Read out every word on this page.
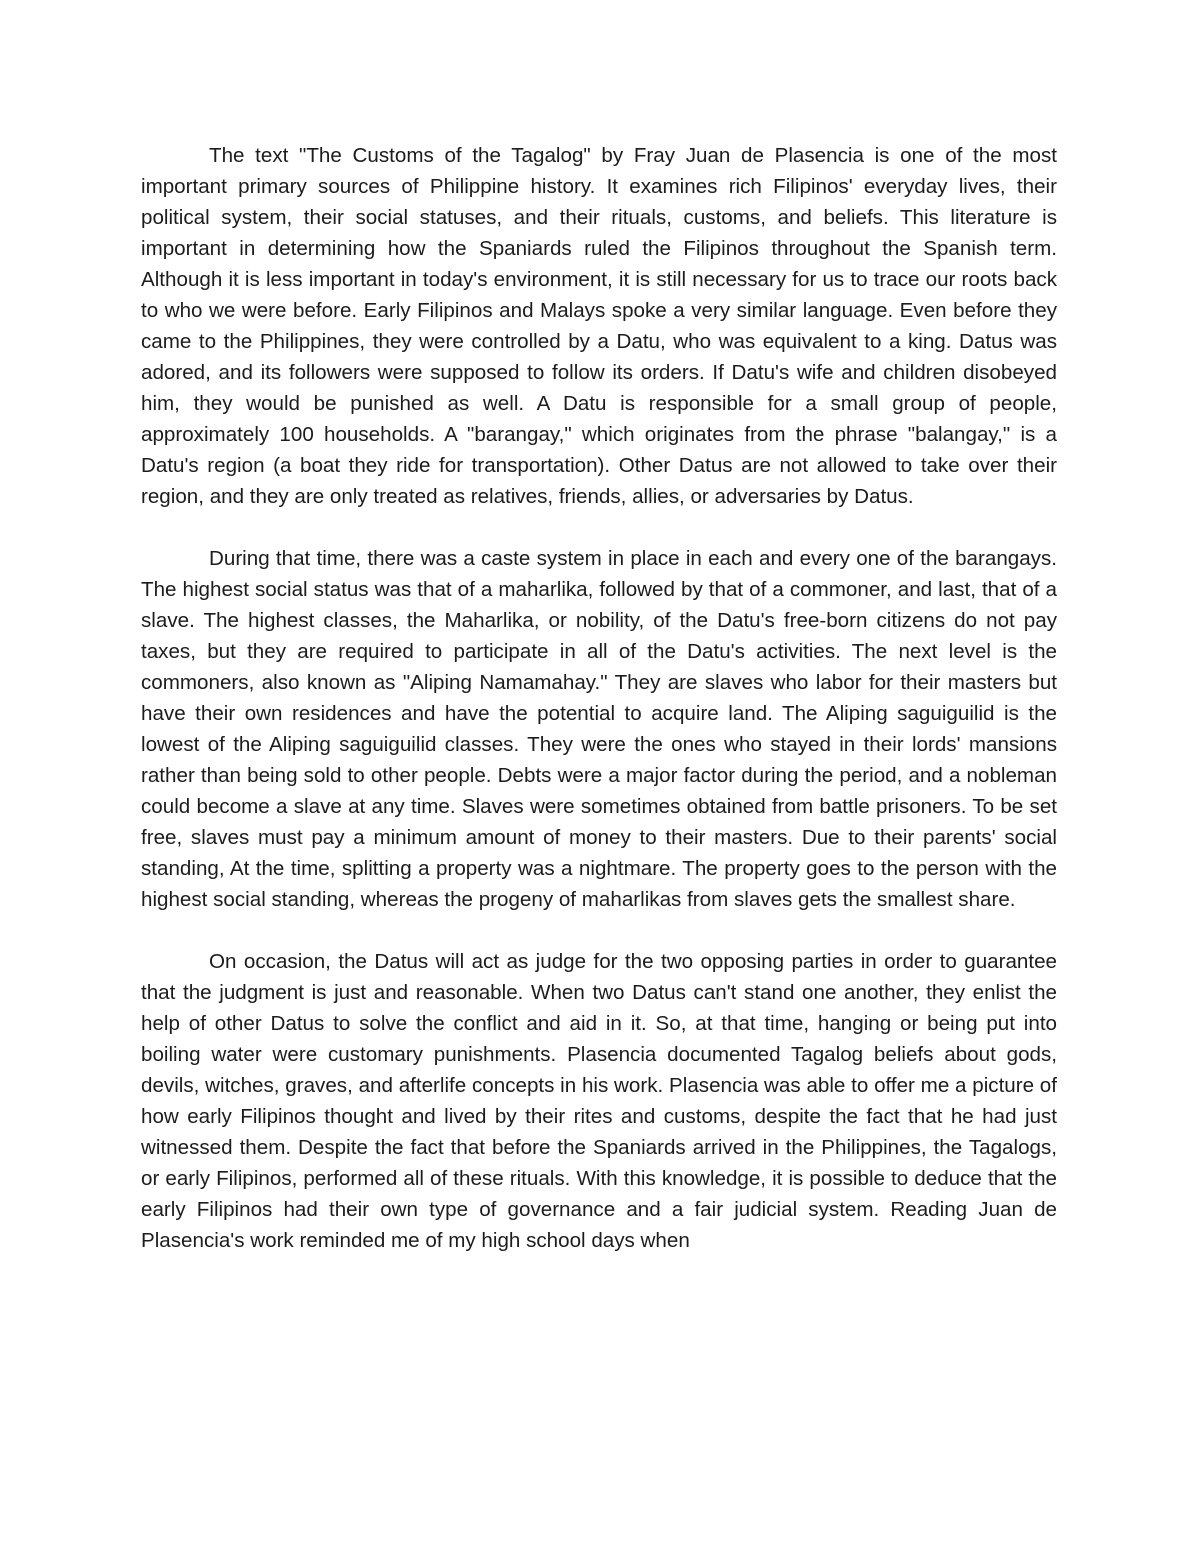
The text "The Customs of the Tagalog" by Fray Juan de Plasencia is one of the most important primary sources of Philippine history. It examines rich Filipinos' everyday lives, their political system, their social statuses, and their rituals, customs, and beliefs. This literature is important in determining how the Spaniards ruled the Filipinos throughout the Spanish term. Although it is less important in today's environment, it is still necessary for us to trace our roots back to who we were before. Early Filipinos and Malays spoke a very similar language. Even before they came to the Philippines, they were controlled by a Datu, who was equivalent to a king. Datus was adored, and its followers were supposed to follow its orders. If Datu's wife and children disobeyed him, they would be punished as well. A Datu is responsible for a small group of people, approximately 100 households. A "barangay," which originates from the phrase "balangay," is a Datu's region (a boat they ride for transportation). Other Datus are not allowed to take over their region, and they are only treated as relatives, friends, allies, or adversaries by Datus.

During that time, there was a caste system in place in each and every one of the barangays. The highest social status was that of a maharlika, followed by that of a commoner, and last, that of a slave. The highest classes, the Maharlika, or nobility, of the Datu's free-born citizens do not pay taxes, but they are required to participate in all of the Datu's activities. The next level is the commoners, also known as "Aliping Namamahay." They are slaves who labor for their masters but have their own residences and have the potential to acquire land. The Aliping saguiguilid is the lowest of the Aliping saguiguilid classes. They were the ones who stayed in their lords' mansions rather than being sold to other people. Debts were a major factor during the period, and a nobleman could become a slave at any time. Slaves were sometimes obtained from battle prisoners. To be set free, slaves must pay a minimum amount of money to their masters. Due to their parents' social standing, At the time, splitting a property was a nightmare. The property goes to the person with the highest social standing, whereas the progeny of maharlikas from slaves gets the smallest share.

On occasion, the Datus will act as judge for the two opposing parties in order to guarantee that the judgment is just and reasonable. When two Datus can't stand one another, they enlist the help of other Datus to solve the conflict and aid in it. So, at that time, hanging or being put into boiling water were customary punishments. Plasencia documented Tagalog beliefs about gods, devils, witches, graves, and afterlife concepts in his work. Plasencia was able to offer me a picture of how early Filipinos thought and lived by their rites and customs, despite the fact that he had just witnessed them. Despite the fact that before the Spaniards arrived in the Philippines, the Tagalogs, or early Filipinos, performed all of these rituals. With this knowledge, it is possible to deduce that the early Filipinos had their own type of governance and a fair judicial system. Reading Juan de Plasencia's work reminded me of my high school days when
